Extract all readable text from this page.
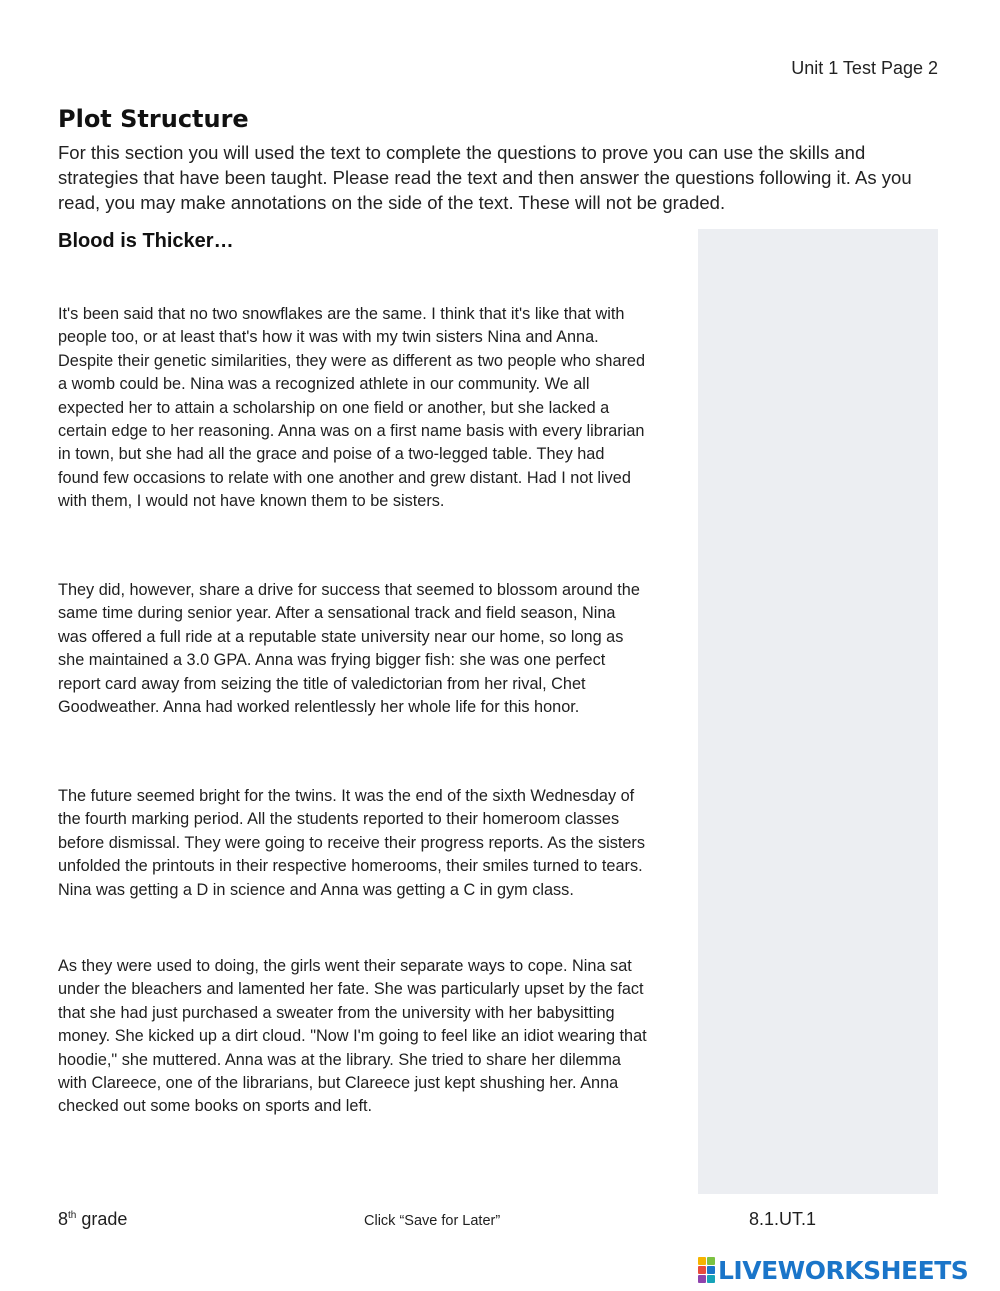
Unit 1 Test Page 2
Plot Structure

For this section you will used the text to complete the questions to prove you can use the skills and strategies that have been taught. Please read the text and then answer the questions following it. As you read, you may make annotations on the side of the text. These will not be graded.

Blood is Thicker…

It's been said that no two snowflakes are the same. I think that it's like that with people too, or at least that's how it was with my twin sisters Nina and Anna. Despite their genetic similarities, they were as different as two people who shared a womb could be. Nina was a recognized athlete in our community. We all expected her to attain a scholarship on one field or another, but she lacked a certain edge to her reasoning. Anna was on a first name basis with every librarian in town, but she had all the grace and poise of a two-legged table. They had found few occasions to relate with one another and grew distant. Had I not lived with them, I would not have known them to be sisters.

They did, however, share a drive for success that seemed to blossom around the same time during senior year. After a sensational track and field season, Nina was offered a full ride at a reputable state university near our home, so long as she maintained a 3.0 GPA. Anna was frying bigger fish: she was one perfect report card away from seizing the title of valedictorian from her rival, Chet Goodweather. Anna had worked relentlessly her whole life for this honor.

The future seemed bright for the twins. It was the end of the sixth Wednesday of the fourth marking period. All the students reported to their homeroom classes before dismissal. They were going to receive their progress reports. As the sisters unfolded the printouts in their respective homerooms, their smiles turned to tears. Nina was getting a D in science and Anna was getting a C in gym class.

As they were used to doing, the girls went their separate ways to cope. Nina sat under the bleachers and lamented her fate. She was particularly upset by the fact that she had just purchased a sweater from the university with her babysitting money. She kicked up a dirt cloud. "Now I'm going to feel like an idiot wearing that hoodie," she muttered. Anna was at the library. She tried to share her dilemma with Clareece, one of the librarians, but Clareece just kept shushing her. Anna checked out some books on sports and left.

8th grade	Click “Save for Later”	8.1.UT.1
LIVEWORKSHEETS
